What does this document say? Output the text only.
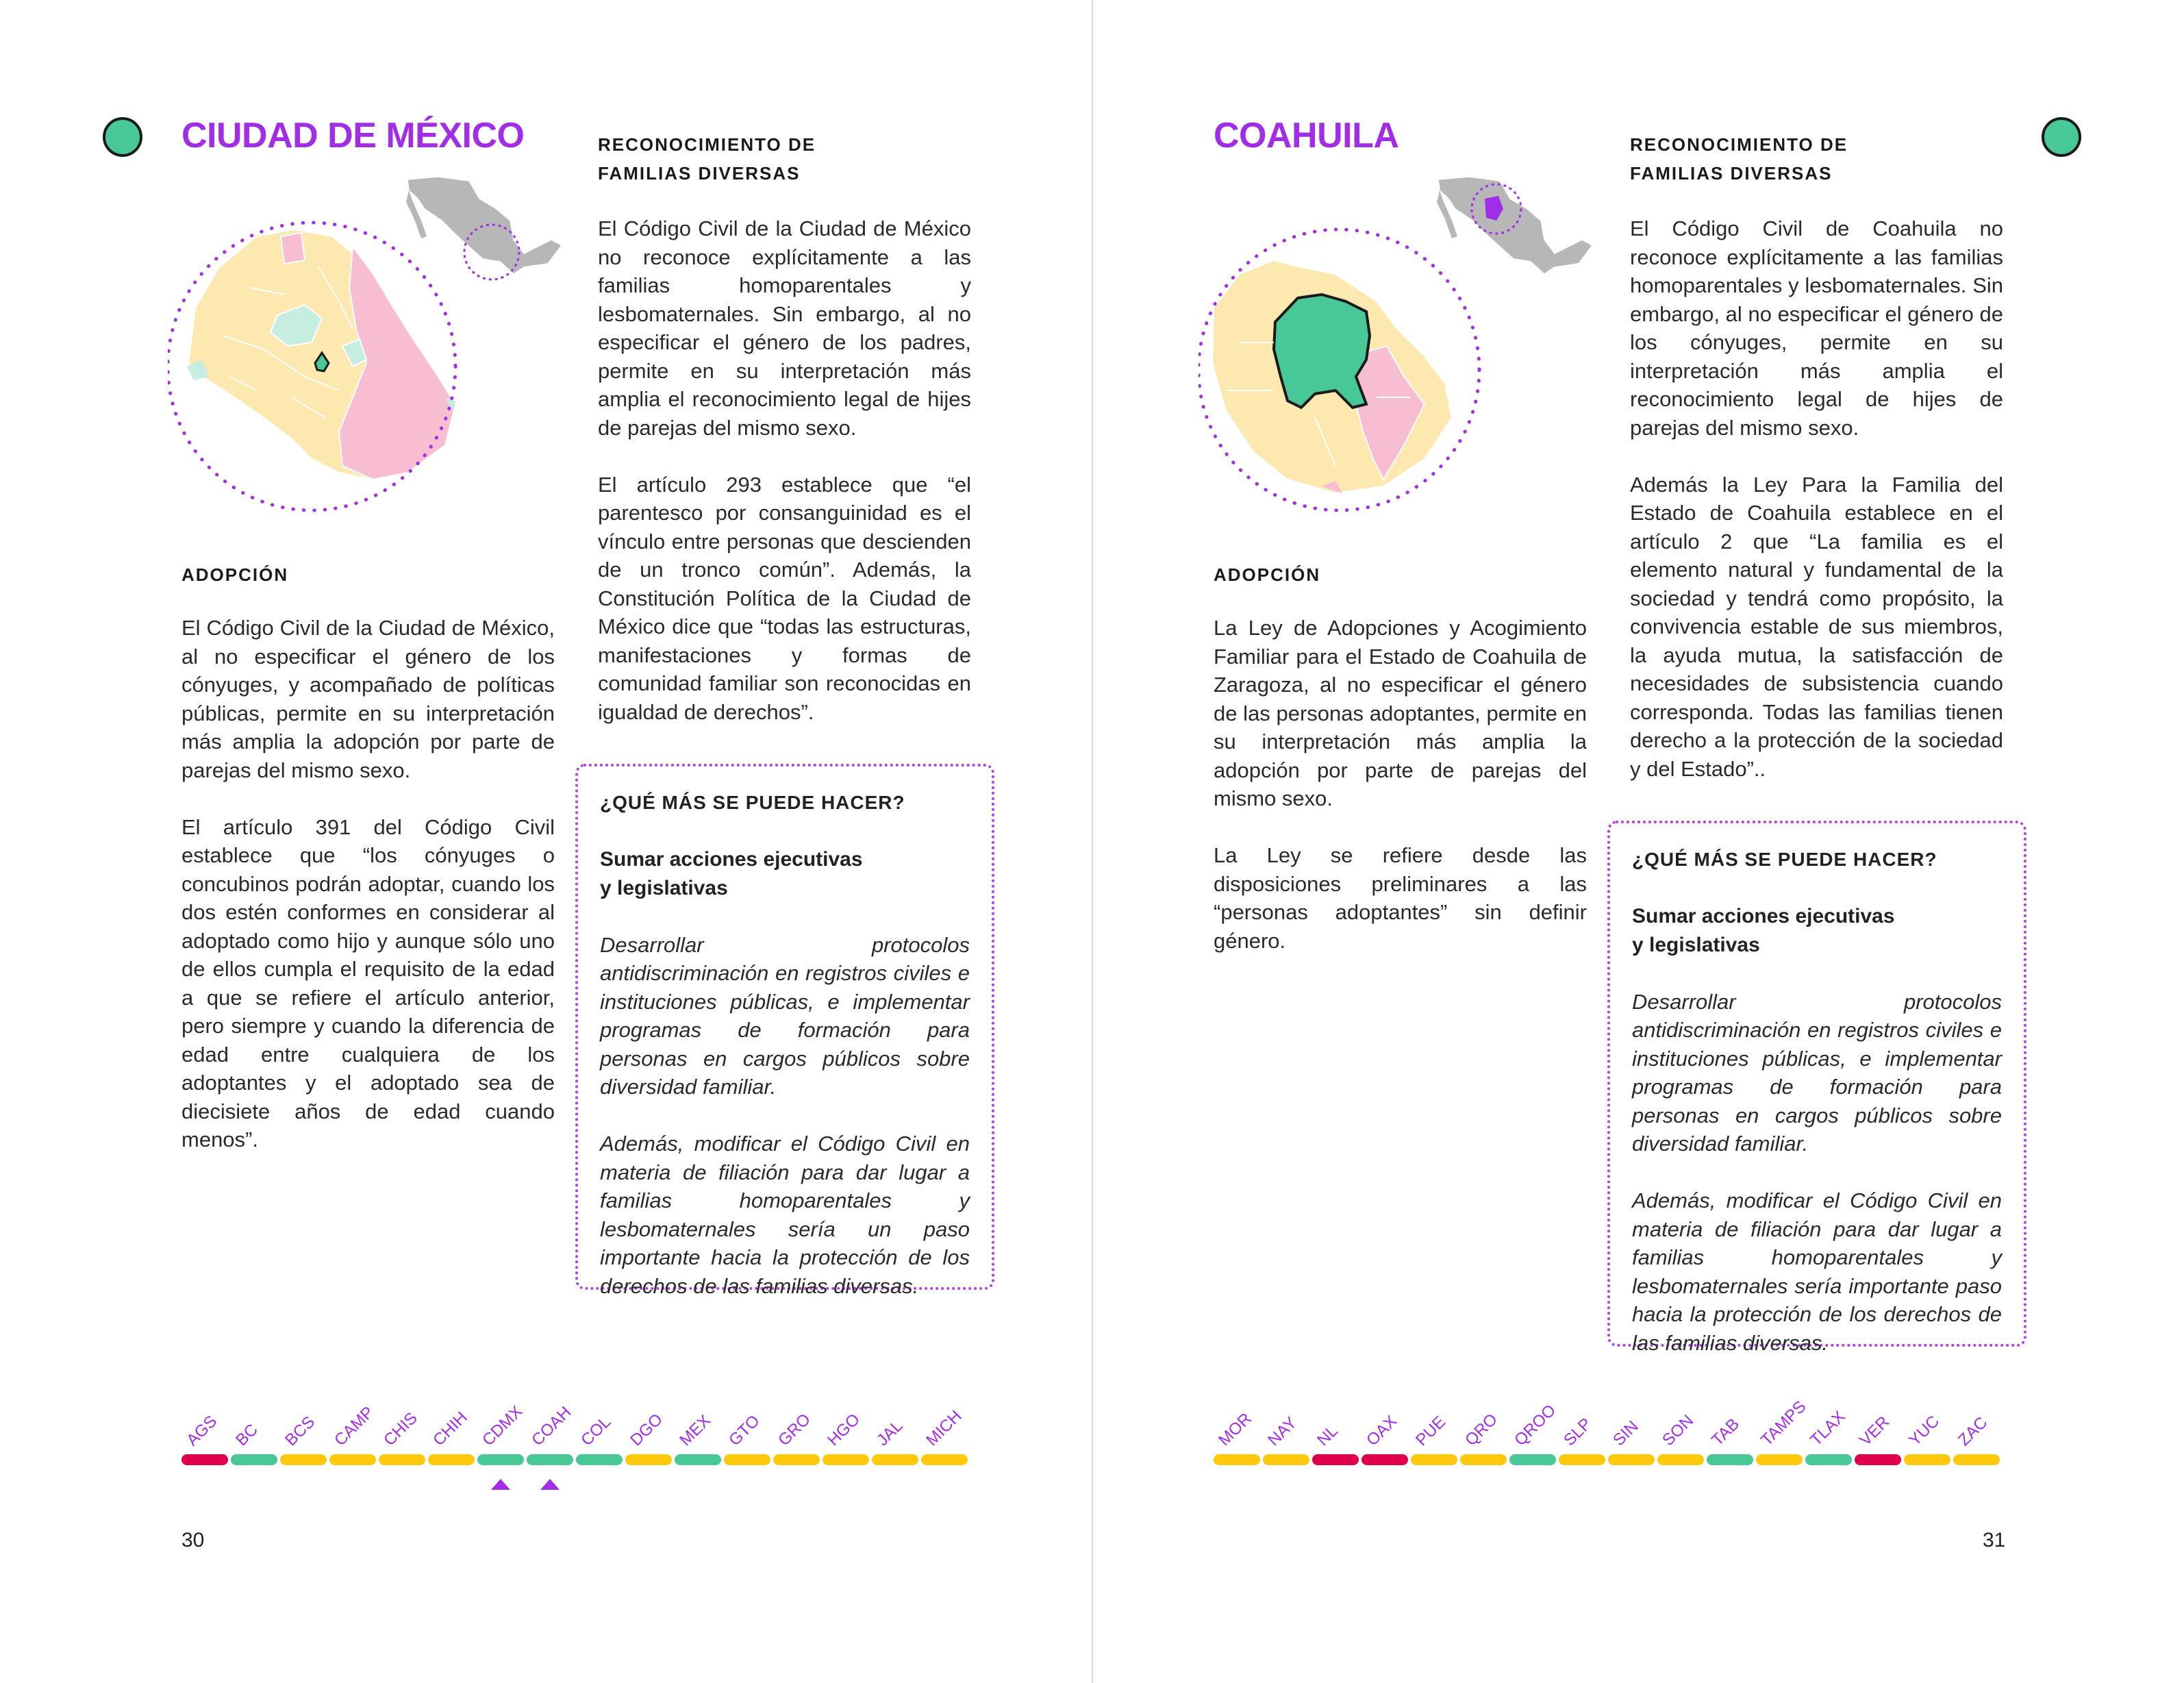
CIUDAD DE MÉXICO
ADOPCIÓN

El Código Civil de la Ciudad de México, al no especificar el género de los cónyuges, y acompañado de políticas públicas, permite en su interpretación más amplia la adopción por parte de parejas del mismo sexo.

El artículo 391 del Código Civil establece que “los cónyuges o concubinos podrán adoptar, cuando los dos estén conformes en considerar al adoptado como hijo y aunque sólo uno de ellos cumpla el requisito de la edad a que se refiere el artículo anterior, pero siempre y cuando la diferencia de edad entre cualquiera de los adoptantes y el adoptado sea de diecisiete años de edad cuando menos”.

RECONOCIMIENTO DE
FAMILIAS DIVERSAS

El Código Civil de la Ciudad de México no reconoce explícitamente a las familias homoparentales y lesbomaternales. Sin embargo, al no especificar el género de los padres, permite en su interpretación más amplia el reconocimiento legal de hijes de parejas del mismo sexo.

El artículo 293 establece que “el parentesco por consanguinidad es el vínculo entre personas que descienden de un tronco común”. Además, la Constitución Política de la Ciudad de México dice que “todas las estructuras, manifestaciones y formas de comunidad familiar son reconocidas en igualdad de derechos”.

¿QUÉ MÁS SE PUEDE HACER?
Sumar acciones ejecutivas
y legislativas

Desarrollar protocolos antidiscriminación en registros civiles e instituciones públicas, e implementar programas de formación para personas en cargos públicos sobre diversidad familiar.

Además, modificar el Código Civil en materia de filiación para dar lugar a familias homoparentales y lesbomaternales sería un paso importante hacia la protección de los derechos de las familias diversas.

AGS BC BCS CAMP CHIS CHIH CDMX COAH COL DGO MEX GTO GRO HGO JAL MICH
30
COAHUILA
ADOPCIÓN

La Ley de Adopciones y Acogimiento Familiar para el Estado de Coahuila de Zaragoza, al no especificar el género de las personas adoptantes, permite en su interpretación más amplia la adopción por parte de parejas del mismo sexo.

La Ley se refiere desde las disposiciones preliminares a las “personas adoptantes” sin definir género.

RECONOCIMIENTO DE
FAMILIAS DIVERSAS

El Código Civil de Coahuila no reconoce explícitamente a las familias homoparentales y lesbomaternales. Sin embargo, al no especificar el género de los cónyuges, permite en su interpretación más amplia el reconocimiento legal de hijes de parejas del mismo sexo.

Además la Ley Para la Familia del Estado de Coahuila establece en el artículo 2 que “La familia es el elemento natural y fundamental de la sociedad y tendrá como propósito, la convivencia estable de sus miembros, la ayuda mutua, la satisfacción de necesidades de subsistencia cuando corresponda. Todas las familias tienen derecho a la protección de la sociedad y del Estado”..

¿QUÉ MÁS SE PUEDE HACER?
Sumar acciones ejecutivas
y legislativas

Desarrollar protocolos antidiscriminación en registros civiles e instituciones públicas, e implementar programas de formación para personas en cargos públicos sobre diversidad familiar.

Además, modificar el Código Civil en materia de filiación para dar lugar a familias homoparentales y lesbomaternales sería importante paso hacia la protección de los derechos de las familias diversas.

MOR NAY NL OAX PUE QRO QROO SLP SIN SON TAB TAMPS
TLAX VER YUC ZAC
31
